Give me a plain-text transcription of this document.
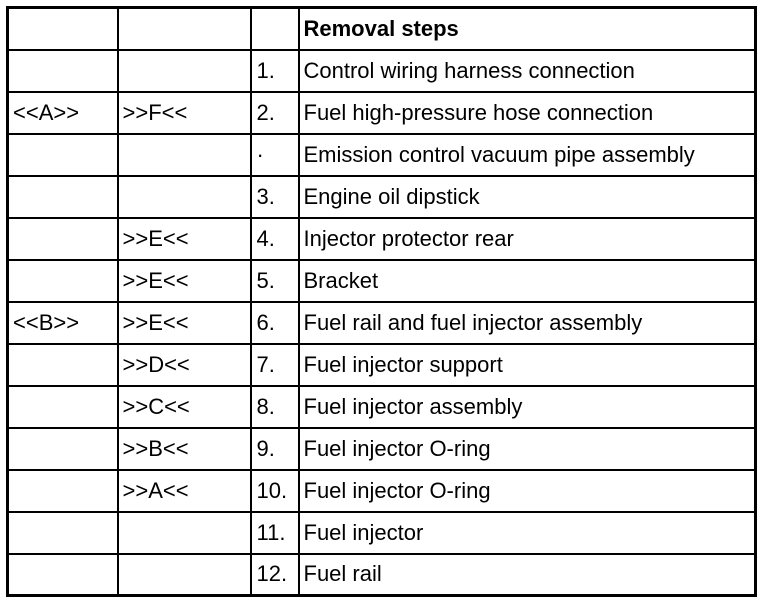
			Removal steps
		1.	Control wiring harness connection
<<A>>	>>F<<	2.	Fuel high-pressure hose connection
		·	Emission control vacuum pipe assembly
		3.	Engine oil dipstick
	>>E<<	4.	Injector protector rear
	>>E<<	5.	Bracket
<<B>>	>>E<<	6.	Fuel rail and fuel injector assembly
	>>D<<	7.	Fuel injector support
	>>C<<	8.	Fuel injector assembly
	>>B<<	9.	Fuel injector O-ring
	>>A<<	10.	Fuel injector O-ring
		11.	Fuel injector
		12.	Fuel rail
